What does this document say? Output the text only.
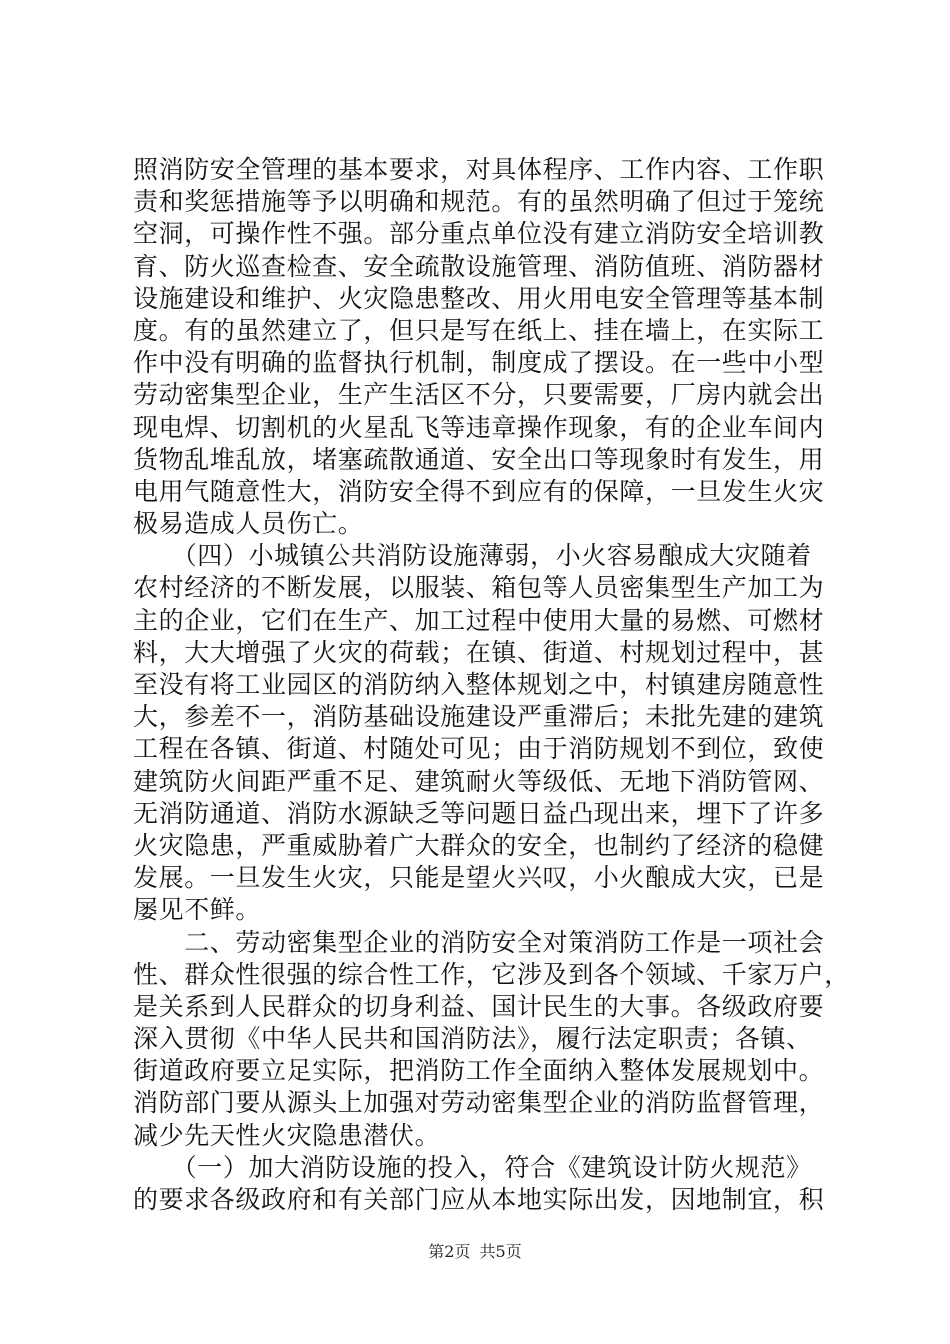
照消防安全管理的基本要求，对具体程序、工作内容、工作职
责和奖惩措施等予以明确和规范。有的虽然明确了但过于笼统
空洞，可操作性不强。部分重点单位没有建立消防安全培训教
育、防火巡查检查、安全疏散设施管理、消防值班、消防器材
设施建设和维护、火灾隐患整改、用火用电安全管理等基本制
度。有的虽然建立了，但只是写在纸上、挂在墙上，在实际工
作中没有明确的监督执行机制，制度成了摆设。在一些中小型
劳动密集型企业，生产生活区不分，只要需要，厂房内就会出
现电焊、切割机的火星乱飞等违章操作现象，有的企业车间内
货物乱堆乱放，堵塞疏散通道、安全出口等现象时有发生，用
电用气随意性大，消防安全得不到应有的保障，一旦发生火灾
极易造成人员伤亡。
　　（四）小城镇公共消防设施薄弱，小火容易酿成大灾随着
农村经济的不断发展，以服装、箱包等人员密集型生产加工为
主的企业，它们在生产、加工过程中使用大量的易燃、可燃材
料，大大增强了火灾的荷载；在镇、街道、村规划过程中，甚
至没有将工业园区的消防纳入整体规划之中，村镇建房随意性
大，参差不一，消防基础设施建设严重滞后；未批先建的建筑
工程在各镇、街道、村随处可见；由于消防规划不到位，致使
建筑防火间距严重不足、建筑耐火等级低、无地下消防管网、
无消防通道、消防水源缺乏等问题日益凸现出来，埋下了许多
火灾隐患，严重威胁着广大群众的安全，也制约了经济的稳健
发展。一旦发生火灾，只能是望火兴叹，小火酿成大灾，已是
屡见不鲜。
　　二、劳动密集型企业的消防安全对策消防工作是一项社会
性、群众性很强的综合性工作，它涉及到各个领域、千家万户，
是关系到人民群众的切身利益、国计民生的大事。各级政府要
深入贯彻《中华人民共和国消防法》，履行法定职责；各镇、
街道政府要立足实际，把消防工作全面纳入整体发展规划中。
消防部门要从源头上加强对劳动密集型企业的消防监督管理，
减少先天性火灾隐患潜伏。
　　（一）加大消防设施的投入，符合《建筑设计防火规范》
的要求各级政府和有关部门应从本地实际出发，因地制宜，积
第2页 共5页
